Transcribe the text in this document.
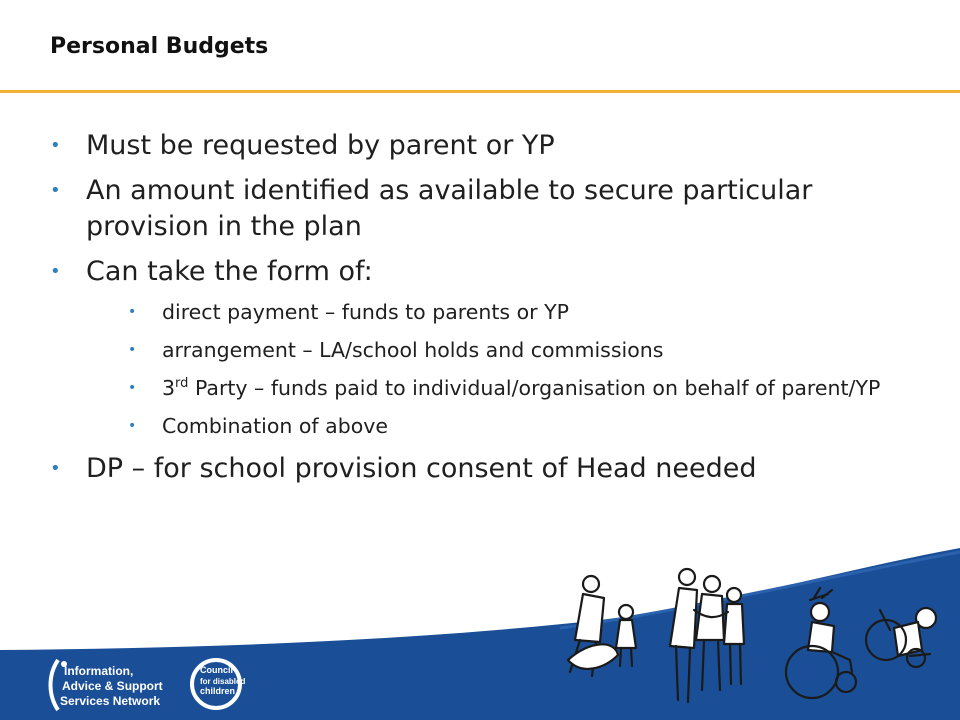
Personal Budgets
• Must be requested by parent or YP
• An amount identified as available to secure particular provision in the plan
• Can take the form of:
• direct payment – funds to parents or YP
• arrangement – LA/school holds and commissions
• 3rd Party – funds paid to individual/organisation on behalf of parent/YP
• Combination of above
• DP – for school provision consent of Head needed
Information,
Advice & Support
Services Network
Council
for disabled
children
